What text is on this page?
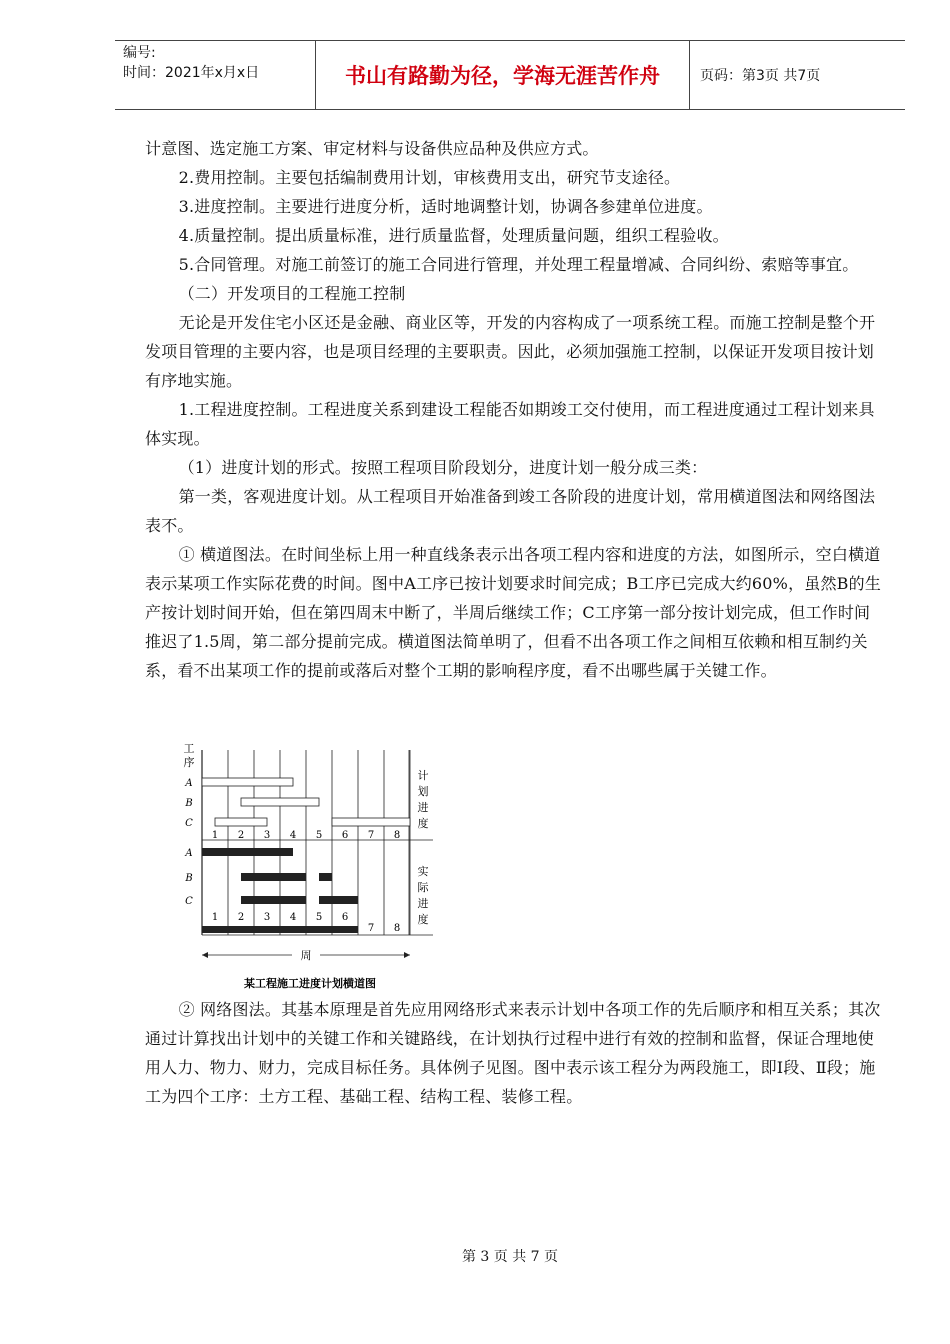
编号:
时间：2021年x月x日	书山有路勤为径，学海无涯苦作舟	页码：第3页 共7页

计意图、选定施工方案、审定材料与设备供应品种及供应方式。

2.费用控制。主要包括编制费用计划，审核费用支出，研究节支途径。

3.进度控制。主要进行进度分析，适时地调整计划，协调各参建单位进度。

4.质量控制。提出质量标准，进行质量监督，处理质量问题，组织工程验收。

5.合同管理。对施工前签订的施工合同进行管理，并处理工程量增减、合同纠纷、索赔等事宜。

（二）开发项目的工程施工控制

无论是开发住宅小区还是金融、商业区等，开发的内容构成了一项系统工程。而施工控制是整个开发项目管理的主要内容，也是项目经理的主要职责。因此，必须加强施工控制，以保证开发项目按计划有序地实施。

1.工程进度控制。工程进度关系到建设工程能否如期竣工交付使用，而工程进度通过工程计划来具体实现。

（1）进度计划的形式。按照工程项目阶段划分，进度计划一般分成三类：

第一类，客观进度计划。从工程项目开始准备到竣工各阶段的进度计划，常用横道图法和网络图法表不。

① 横道图法。在时间坐标上用一种直线条表示出各项工程内容和进度的方法，如图所示，空白横道表示某项工作实际花费的时间。图中A工序已按计划要求时间完成；B工序已完成大约60%，虽然B的生产按计划时间开始，但在第四周末中断了，半周后继续工作；C工序第一部分按计划完成，但工作时间推迟了1.5周，第二部分提前完成。横道图法简单明了，但看不出各项工作之间相互依赖和相互制约关系，看不出某项工作的提前或落后对整个工期的影响程序度，看不出哪些属于关键工作。

工
序
A
B
C
1 2 3 4 5 6 7 8
A
B
C
1 2 3 4 5 6
7 8
计
划
进
度
实
际
进
度
周
某工程施工进度计划横道图

② 网络图法。其基本原理是首先应用网络形式来表示计划中各项工作的先后顺序和相互关系；其次通过计算找出计划中的关键工作和关键路线，在计划执行过程中进行有效的控制和监督，保证合理地使用人力、物力、财力，完成目标任务。具体例子见图。图中表示该工程分为两段施工，即Ⅰ段、Ⅱ段；施工为四个工序：土方工程、基础工程、结构工程、装修工程。

第 3 页 共 7 页
